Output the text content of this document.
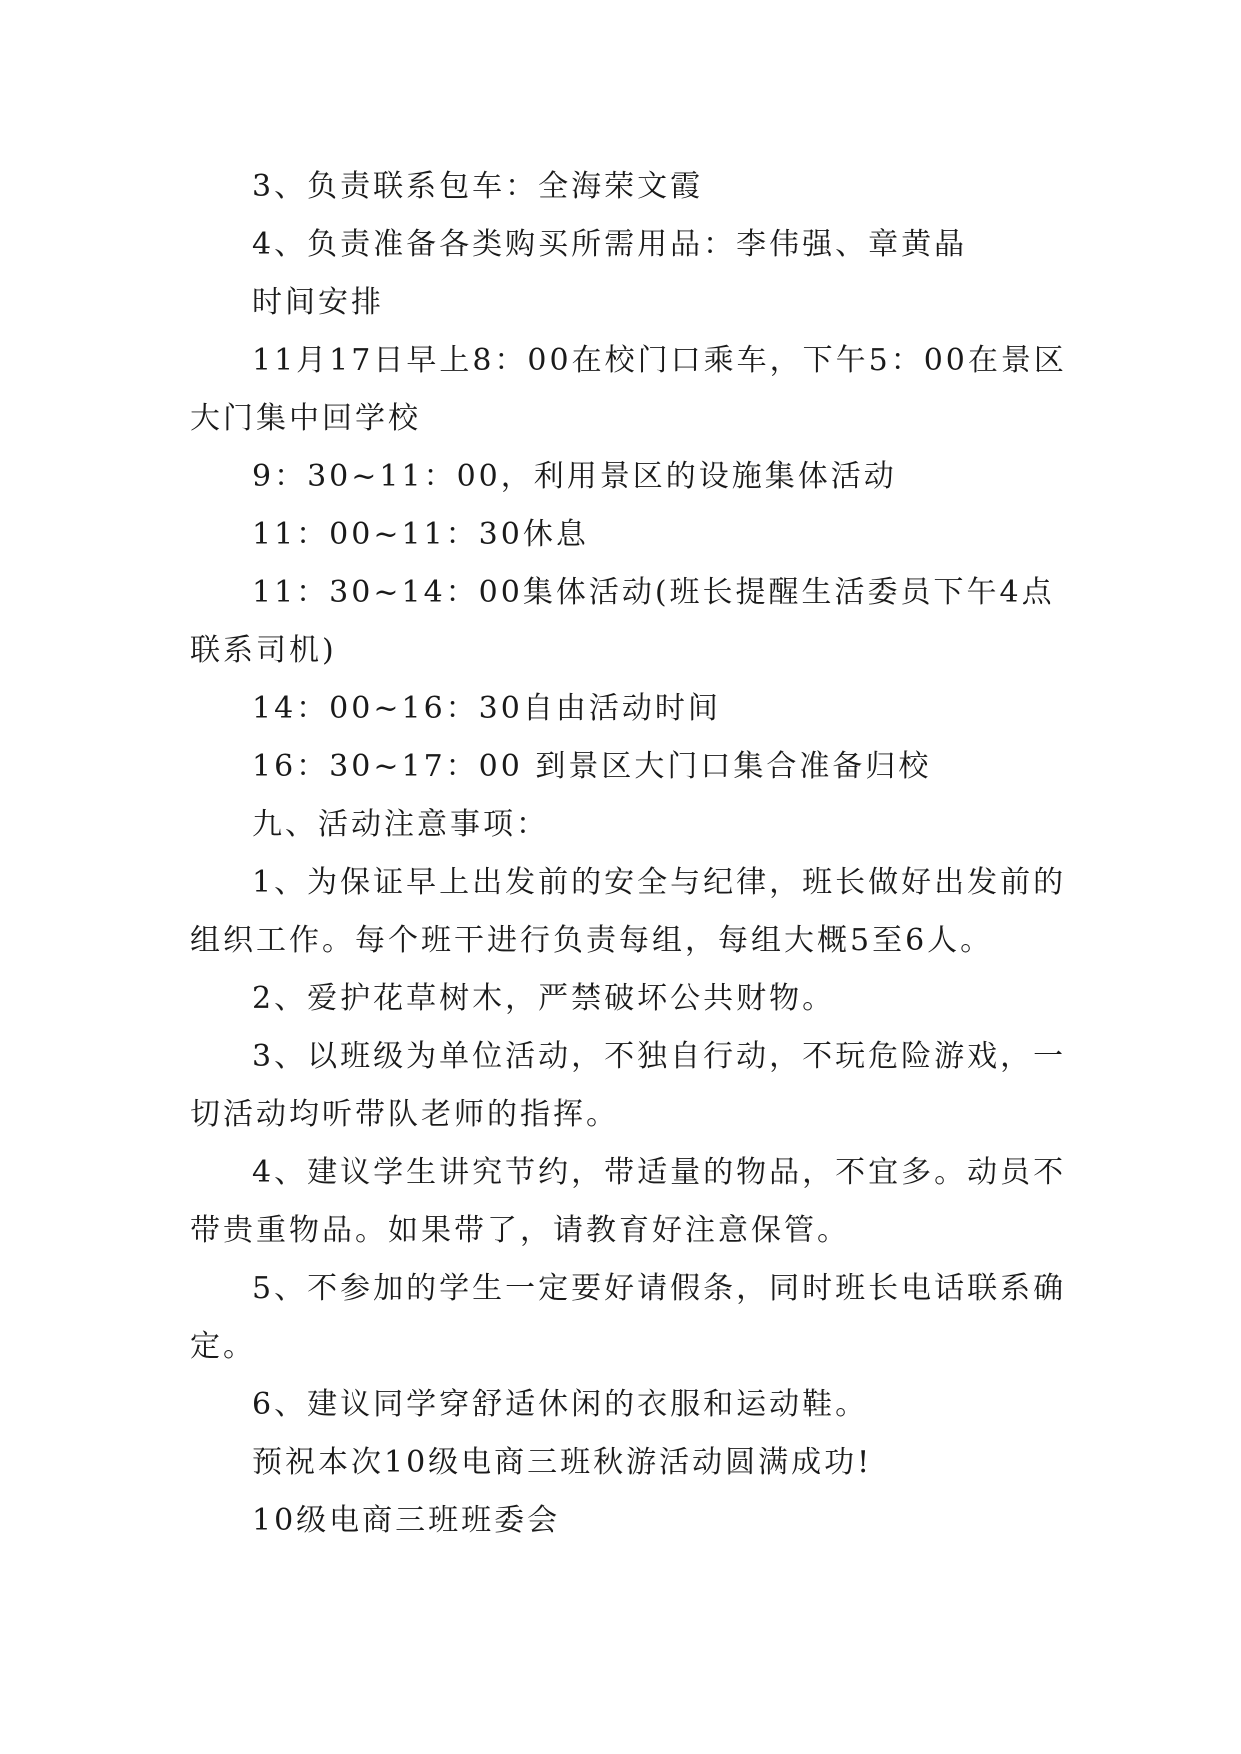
3、负责联系包车：全海荣文霞

4、负责准备各类购买所需用品：李伟强、章黄晶

时间安排

11月17日早上8：00在校门口乘车，下午5：00在景区大门集中回学校

9：30~11：00，利用景区的设施集体活动

11：00~11：30休息

11：30~14：00集体活动(班长提醒生活委员下午4点联系司机)

14：00~16：30自由活动时间

16：30~17：00 到景区大门口集合准备归校

九、活动注意事项：

1、为保证早上出发前的安全与纪律，班长做好出发前的组织工作。每个班干进行负责每组，每组大概5至6人。

2、爱护花草树木，严禁破坏公共财物。

3、以班级为单位活动，不独自行动，不玩危险游戏，一切活动均听带队老师的指挥。

4、建议学生讲究节约，带适量的物品，不宜多。动员不带贵重物品。如果带了，请教育好注意保管。

5、不参加的学生一定要好请假条，同时班长电话联系确定。

6、建议同学穿舒适休闲的衣服和运动鞋。

预祝本次10级电商三班秋游活动圆满成功!

10级电商三班班委会
